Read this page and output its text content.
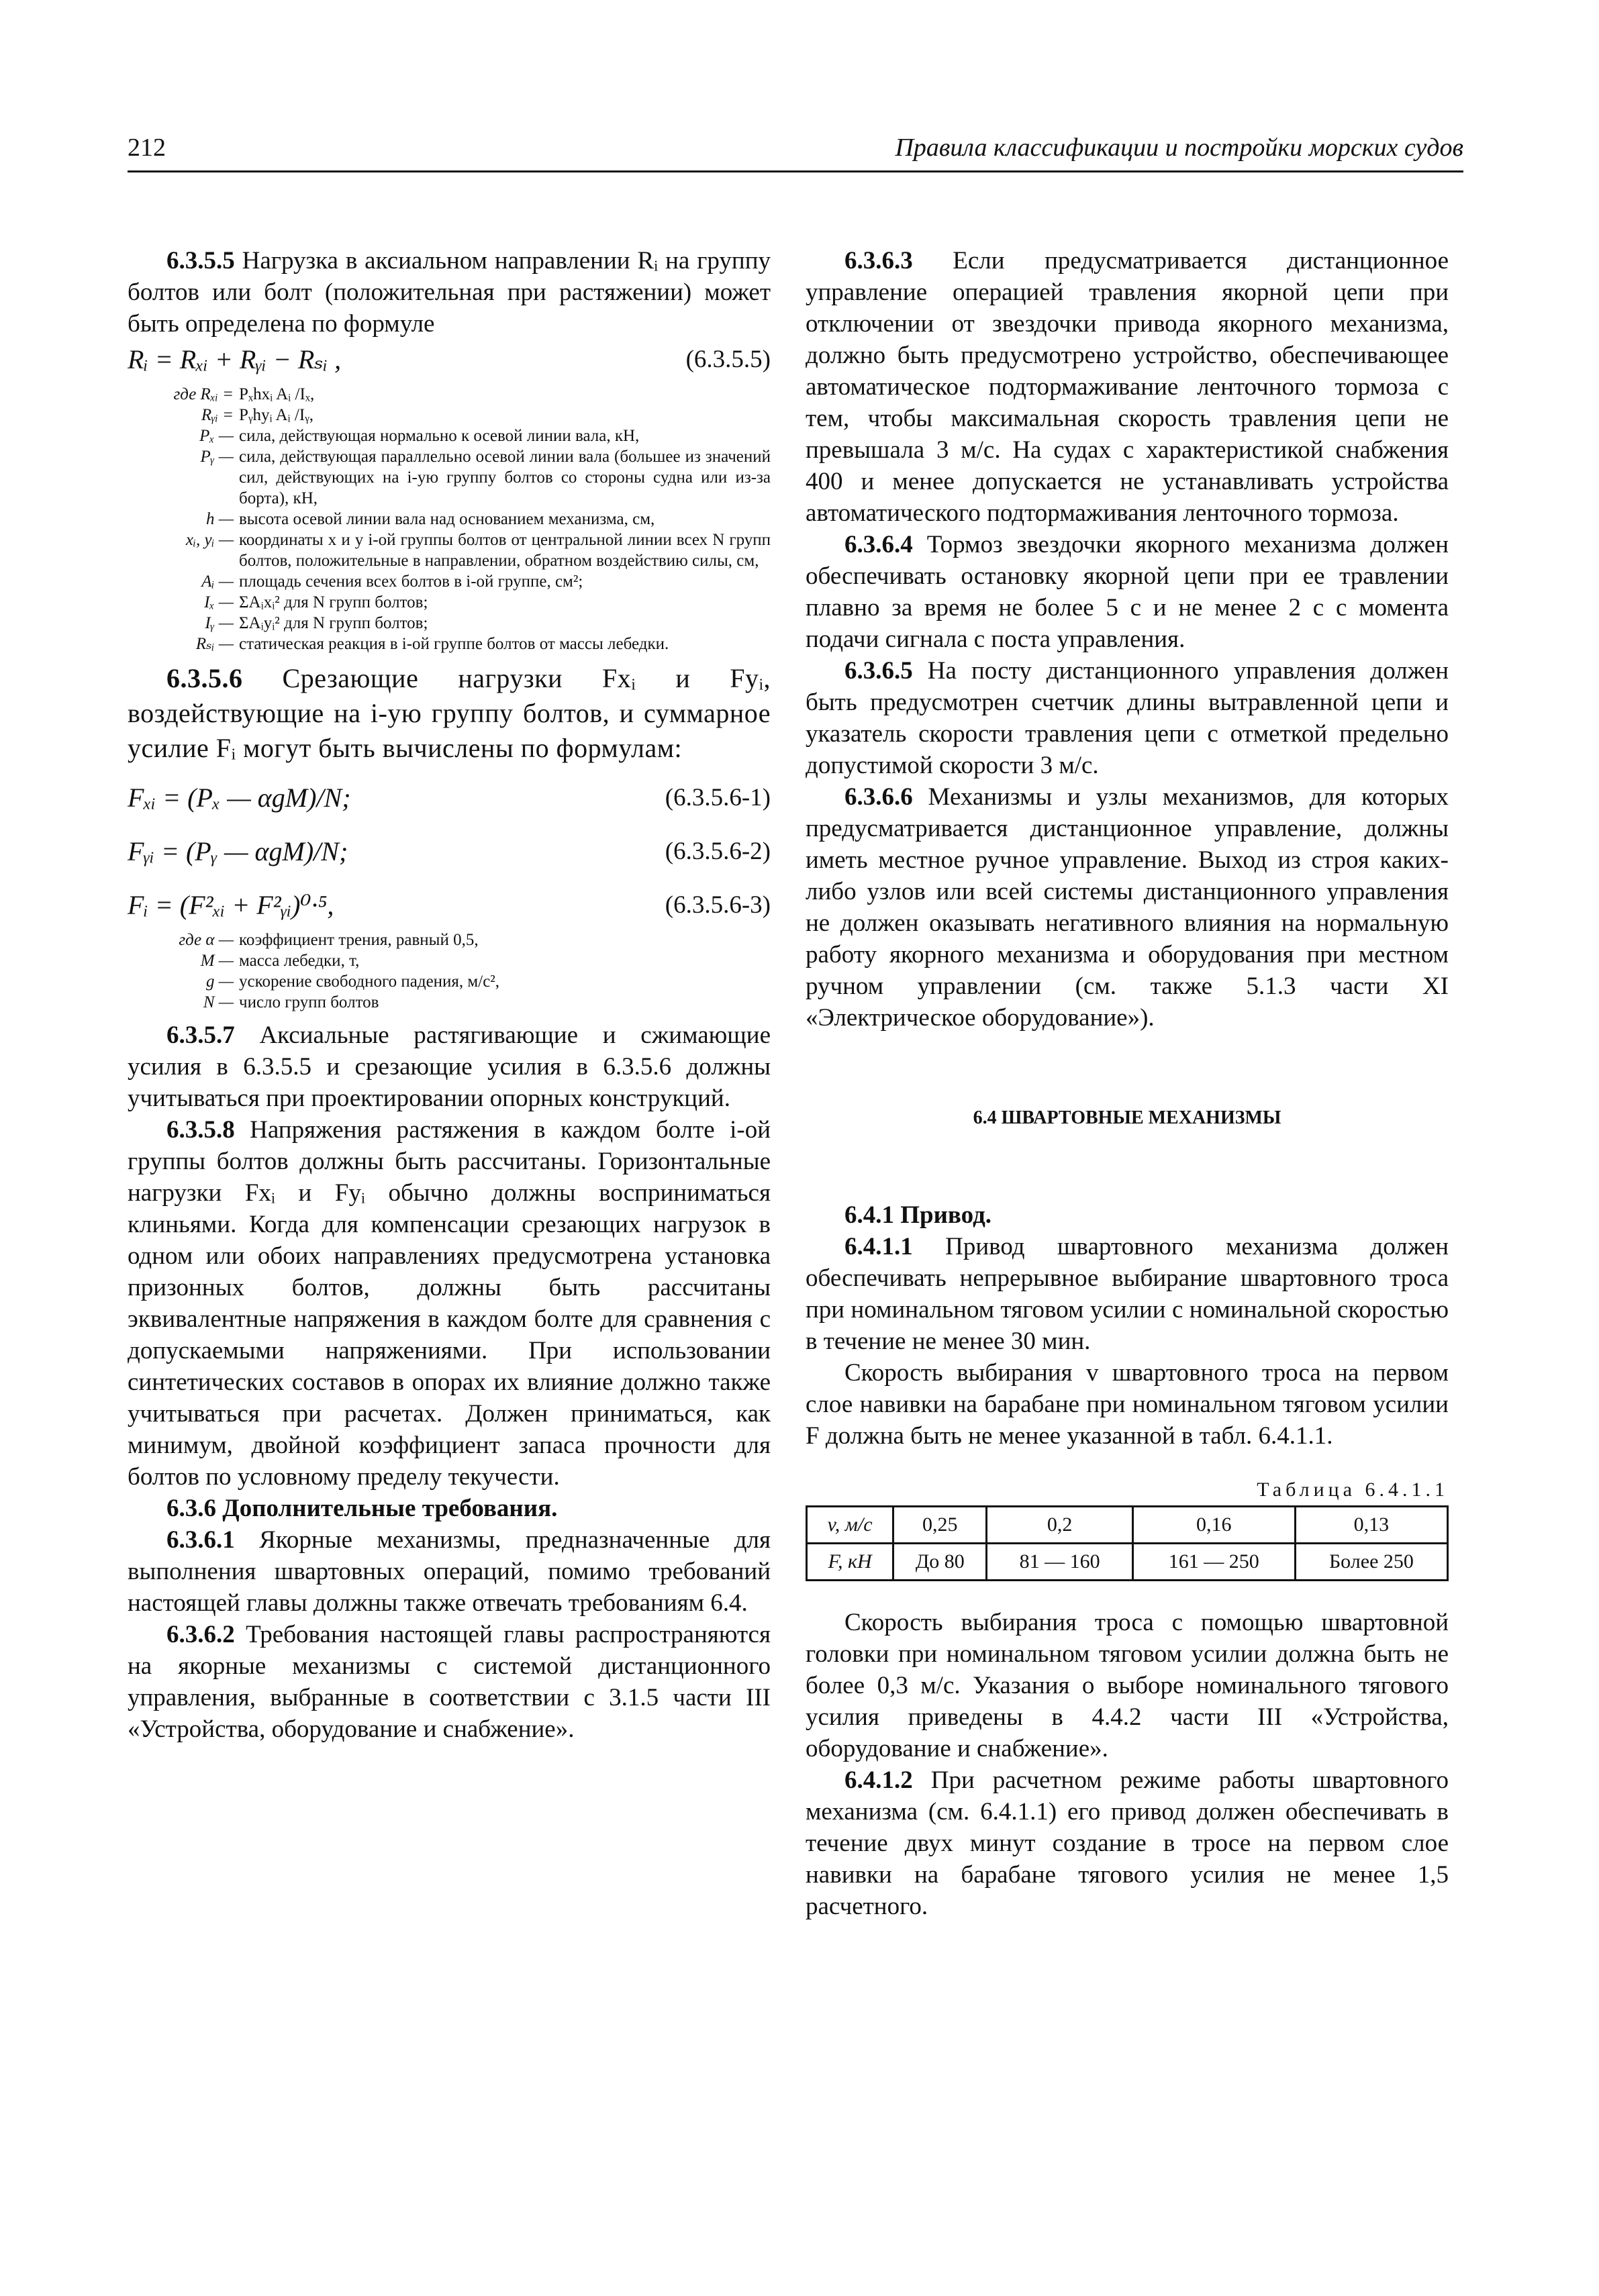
212	Правила классификации и постройки морских судов

6.3.5.5 Нагрузка в аксиальном направлении Rᵢ на группу болтов или болт (положительная при растяжении) может быть определена по формуле

Rᵢ = Rₓᵢ + Rᵧᵢ − Rₛᵢ ,	(6.3.5.5)
где Rₓᵢ = Pₓhxᵢ Aᵢ /Iₓ,
Rᵧᵢ = Pᵧhyᵢ Aᵢ /Iᵧ,
Pₓ — сила, действующая нормально к осевой линии вала, кН,
Pᵧ — сила, действующая параллельно осевой линии вала (большее из значений сил, действующих на i-ую группу болтов со стороны судна или из-за борта), кН,
h — высота осевой линии вала над основанием механизма, см,
xᵢ, yᵢ — координаты x и y i-ой группы болтов от центральной линии всех N групп болтов, положительные в направлении, обратном воздействию силы, см,
Aᵢ — площадь сечения всех болтов в i-ой группе, см²;
Iₓ — ΣAᵢxᵢ² для N групп болтов;
Iᵧ — ΣAᵢyᵢ² для N групп болтов;
Rₛᵢ — статическая реакция в i-ой группе болтов от массы лебедки.

6.3.5.6 Срезающие нагрузки Fxᵢ и Fyᵢ, воздействующие на i-ую группу болтов, и суммарное усилие Fᵢ могут быть вычислены по формулам:

Fₓᵢ = (Pₓ — αgM)/N;	(6.3.5.6-1)
Fᵧᵢ = (Pᵧ — αgM)/N;	(6.3.5.6-2)
Fᵢ = (F²ₓᵢ + F²ᵧᵢ)⁰·⁵,	(6.3.5.6-3)
где α — коэффициент трения, равный 0,5,
M — масса лебедки, т,
g — ускорение свободного падения, м/с²,
N — число групп болтов

6.3.5.7 Аксиальные растягивающие и сжимающие усилия в 6.3.5.5 и срезающие усилия в 6.3.5.6 должны учитываться при проектировании опорных конструкций.

6.3.5.8 Напряжения растяжения в каждом болте i-ой группы болтов должны быть рассчитаны. Горизонтальные нагрузки Fxᵢ и Fyᵢ обычно должны восприниматься клиньями. Когда для компенсации срезающих нагрузок в одном или обоих направлениях предусмотрена установка призонных болтов, должны быть рассчитаны эквивалентные напряжения в каждом болте для сравнения с допускаемыми напряжениями. При использовании синтетических составов в опорах их влияние должно также учитываться при расчетах. Должен приниматься, как минимум, двойной коэффициент запаса прочности для болтов по условному пределу текучести.

6.3.6 Дополнительные требования.

6.3.6.1 Якорные механизмы, предназначенные для выполнения швартовных операций, помимо требований настоящей главы должны также отвечать требованиям 6.4.

6.3.6.2 Требования настоящей главы распространяются на якорные механизмы с системой дистанционного управления, выбранные в соответствии с 3.1.5 части III «Устройства, оборудование и снабжение».

6.3.6.3 Если предусматривается дистанционное управление операцией травления якорной цепи при отключении от звездочки привода якорного механизма, должно быть предусмотрено устройство, обеспечивающее автоматическое подтормаживание ленточного тормоза с тем, чтобы максимальная скорость травления цепи не превышала 3 м/с. На судах с характеристикой снабжения 400 и менее допускается не устанавливать устройства автоматического подтормаживания ленточного тормоза.

6.3.6.4 Тормоз звездочки якорного механизма должен обеспечивать остановку якорной цепи при ее травлении плавно за время не более 5 с и не менее 2 с с момента подачи сигнала с поста управления.

6.3.6.5 На посту дистанционного управления должен быть предусмотрен счетчик длины вытравленной цепи и указатель скорости травления цепи с отметкой предельно допустимой скорости 3 м/с.

6.3.6.6 Механизмы и узлы механизмов, для которых предусматривается дистанционное управление, должны иметь местное ручное управление. Выход из строя каких-либо узлов или всей системы дистанционного управления не должен оказывать негативного влияния на нормальную работу якорного механизма и оборудования при местном ручном управлении (см. также 5.1.3 части XI «Электрическое оборудование»).

6.4 ШВАРТОВНЫЕ МЕХАНИЗМЫ

6.4.1 Привод.

6.4.1.1 Привод швартовного механизма должен обеспечивать непрерывное выбирание швартовного троса при номинальном тяговом усилии с номинальной скоростью в течение не менее 30 мин.

Скорость выбирания v швартовного троса на первом слое навивки на барабане при номинальном тяговом усилии F должна быть не менее указанной в табл. 6.4.1.1.

Таблица 6.4.1.1
v, м/с	0,25	0,2	0,16	0,13
F, кН	До 80	81 — 160	161 — 250	Более 250

Скорость выбирания троса с помощью швартовной головки при номинальном тяговом усилии должна быть не более 0,3 м/с. Указания о выборе номинального тягового усилия приведены в 4.4.2 части III «Устройства, оборудование и снабжение».

6.4.1.2 При расчетном режиме работы швартовного механизма (см. 6.4.1.1) его привод должен обеспечивать в течение двух минут создание в тросе на первом слое навивки на барабане тягового усилия не менее 1,5 расчетного.
